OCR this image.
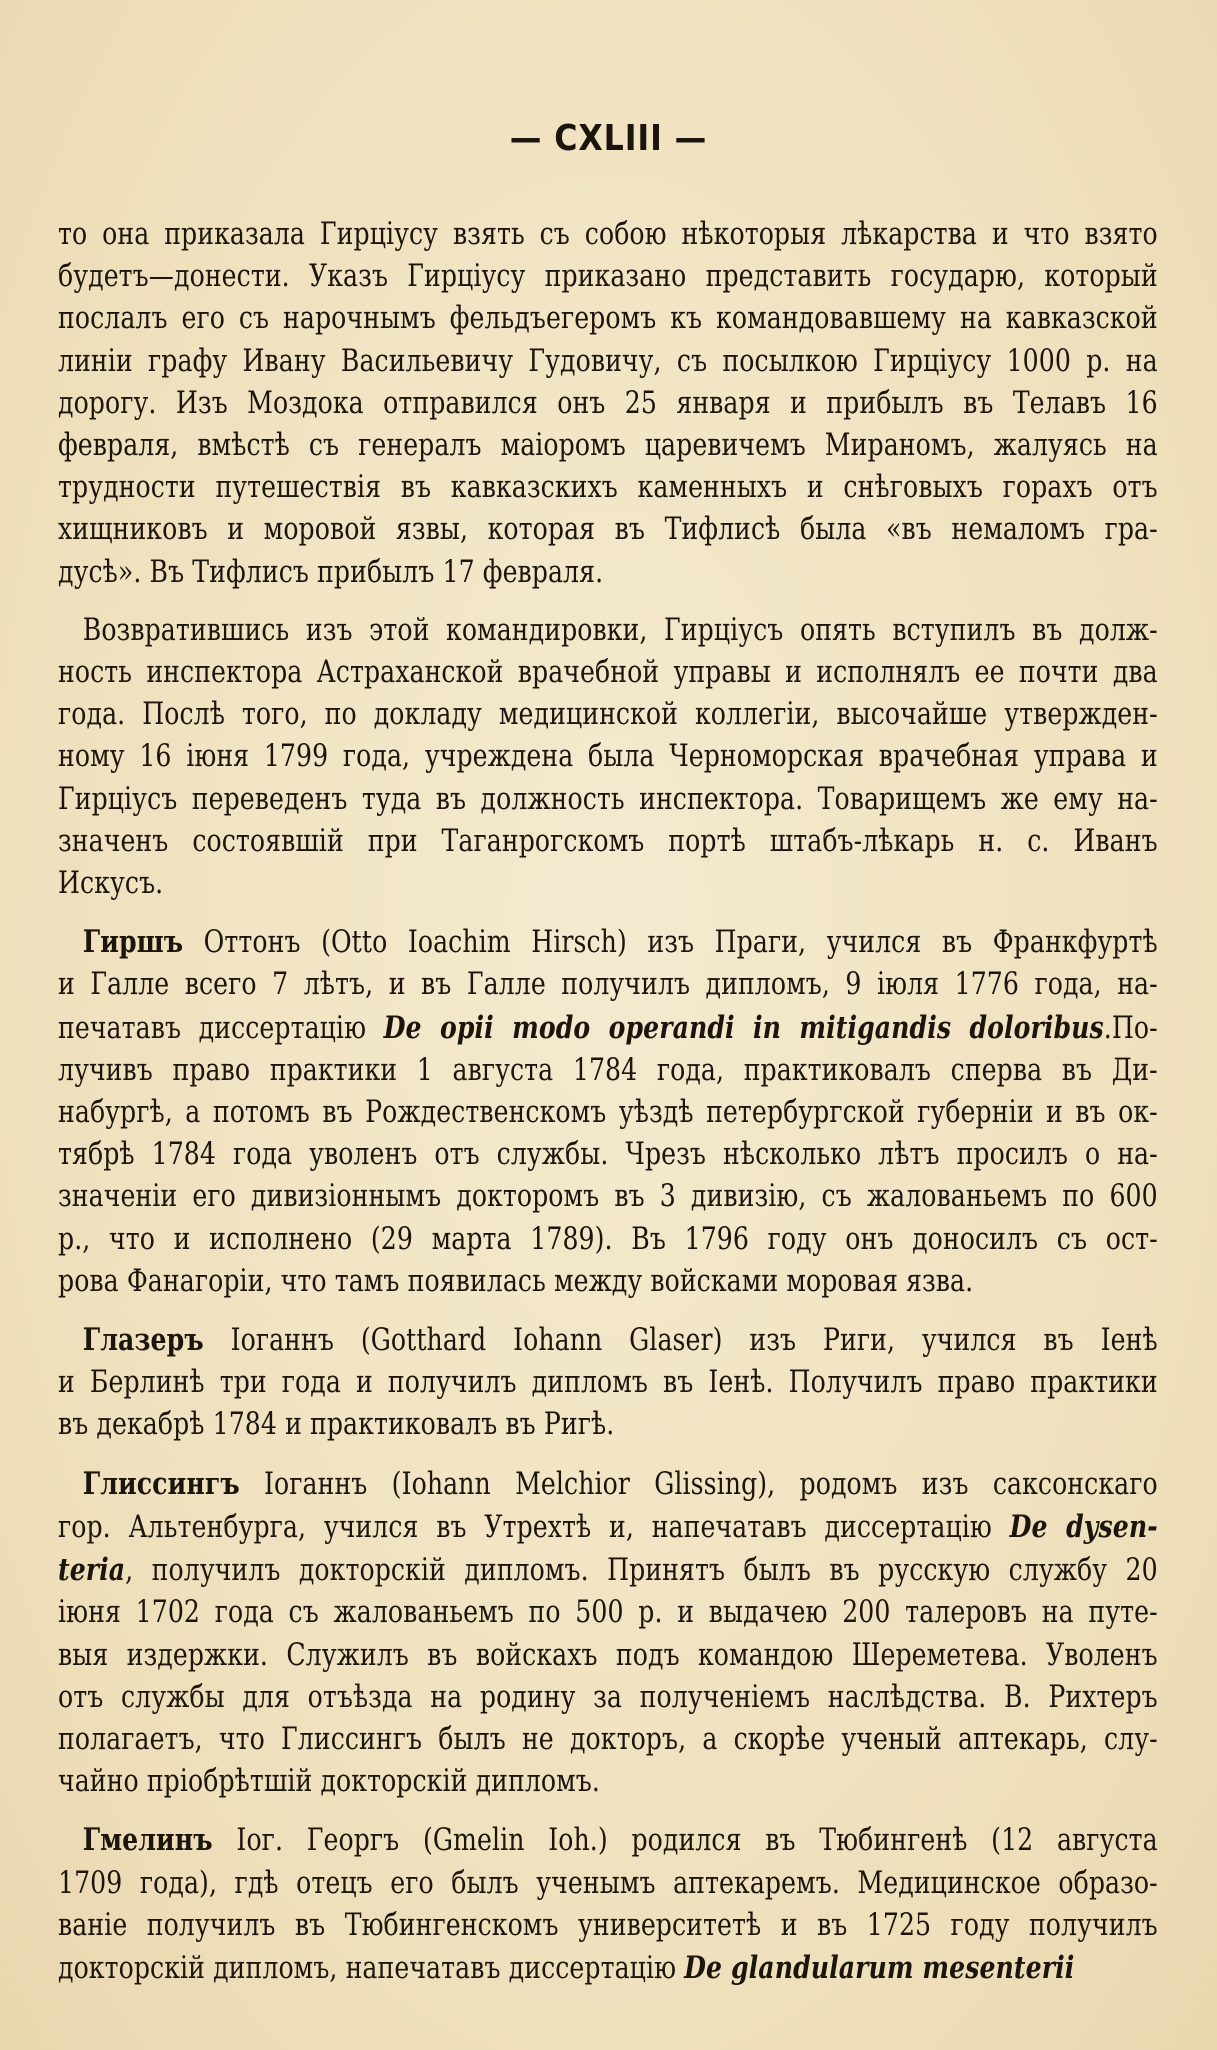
— CXLIII —
то она приказала Гирціусу взять съ собою нѣкоторыя лѣкарства и что взято
будетъ—донести. Указъ Гирціусу приказано представить государю, который
послалъ его съ нарочнымъ фельдъегеромъ къ командовавшему на кавказской
линіи графу Ивану Васильевичу Гудовичу, съ посылкою Гирціусу 1000 р. на
дорогу. Изъ Моздока отправился онъ 25 января и прибылъ въ Телавъ 16
февраля, вмѣстѣ съ генералъ маіоромъ царевичемъ Мираномъ, жалуясь на
трудности путешествія въ кавказскихъ каменныхъ и снѣговыхъ горахъ отъ
хищниковъ и моровой язвы, которая въ Тифлисѣ была «въ немаломъ гра-
дусѣ». Въ Тифлисъ прибылъ 17 февраля.
Возвратившись изъ этой командировки, Гирціусъ опять вступилъ въ долж-
ность инспектора Астраханской врачебной управы и исполнялъ ее почти два
года. Послѣ того, по докладу медицинской коллегіи, высочайше утвержден-
ному 16 іюня 1799 года, учреждена была Черноморская врачебная управа и
Гирціусъ переведенъ туда въ должность инспектора. Товарищемъ же ему на-
значенъ состоявшій при Таганрогскомъ портѣ штабъ-лѣкарь н. с. Иванъ
Искусъ.
Гиршъ Оттонъ (Otto Ioachim Hirsch) изъ Праги, учился въ Франкфуртѣ
и Галле всего 7 лѣтъ, и въ Галле получилъ дипломъ, 9 іюля 1776 года, на-
печатавъ диссертацію De opii modo operandi in mitigandis doloribus.По-
лучивъ право практики 1 августа 1784 года, практиковалъ сперва въ Ди-
набургѣ, а потомъ въ Рождественскомъ уѣздѣ петербургской губерніи и въ ок-
тябрѣ 1784 года уволенъ отъ службы. Чрезъ нѣсколько лѣтъ просилъ о на-
значеніи его дивизіоннымъ докторомъ въ 3 дивизію, съ жалованьемъ по 600
р., что и исполнено (29 марта 1789). Въ 1796 году онъ доносилъ съ ост-
рова Фанагоріи, что тамъ появилась между войсками моровая язва.
Глазеръ Іоганнъ (Gotthard Iohann Glaser) изъ Риги, учился въ Іенѣ
и Берлинѣ три года и получилъ дипломъ въ Іенѣ. Получилъ право практики
въ декабрѣ 1784 и практиковалъ въ Ригѣ.
Глиссингъ Іоганнъ (Iohann Melchior Glissing), родомъ изъ саксонскаго
гор. Альтенбурга, учился въ Утрехтѣ и, напечатавъ диссертацію De dysen-
teria, получилъ докторскій дипломъ. Принятъ былъ въ русскую службу 20
іюня 1702 года съ жалованьемъ по 500 р. и выдачею 200 талеровъ на путе-
выя издержки. Служилъ въ войскахъ подъ командою Шереметева. Уволенъ
отъ службы для отъѣзда на родину за полученіемъ наслѣдства. В. Рихтеръ
полагаетъ, что Глиссингъ былъ не докторъ, а скорѣе ученый аптекарь, слу-
чайно пріобрѣтшій докторскій дипломъ.
Гмелинъ Іог. Георгъ (Gmelin Ioh.) родился въ Тюбингенѣ (12 августа
1709 года), гдѣ отецъ его былъ ученымъ аптекаремъ. Медицинское образо-
ваніе получилъ въ Тюбингенскомъ университетѣ и въ 1725 году получилъ
докторскій дипломъ, напечатавъ диссертацію De glandularum mesenterii
